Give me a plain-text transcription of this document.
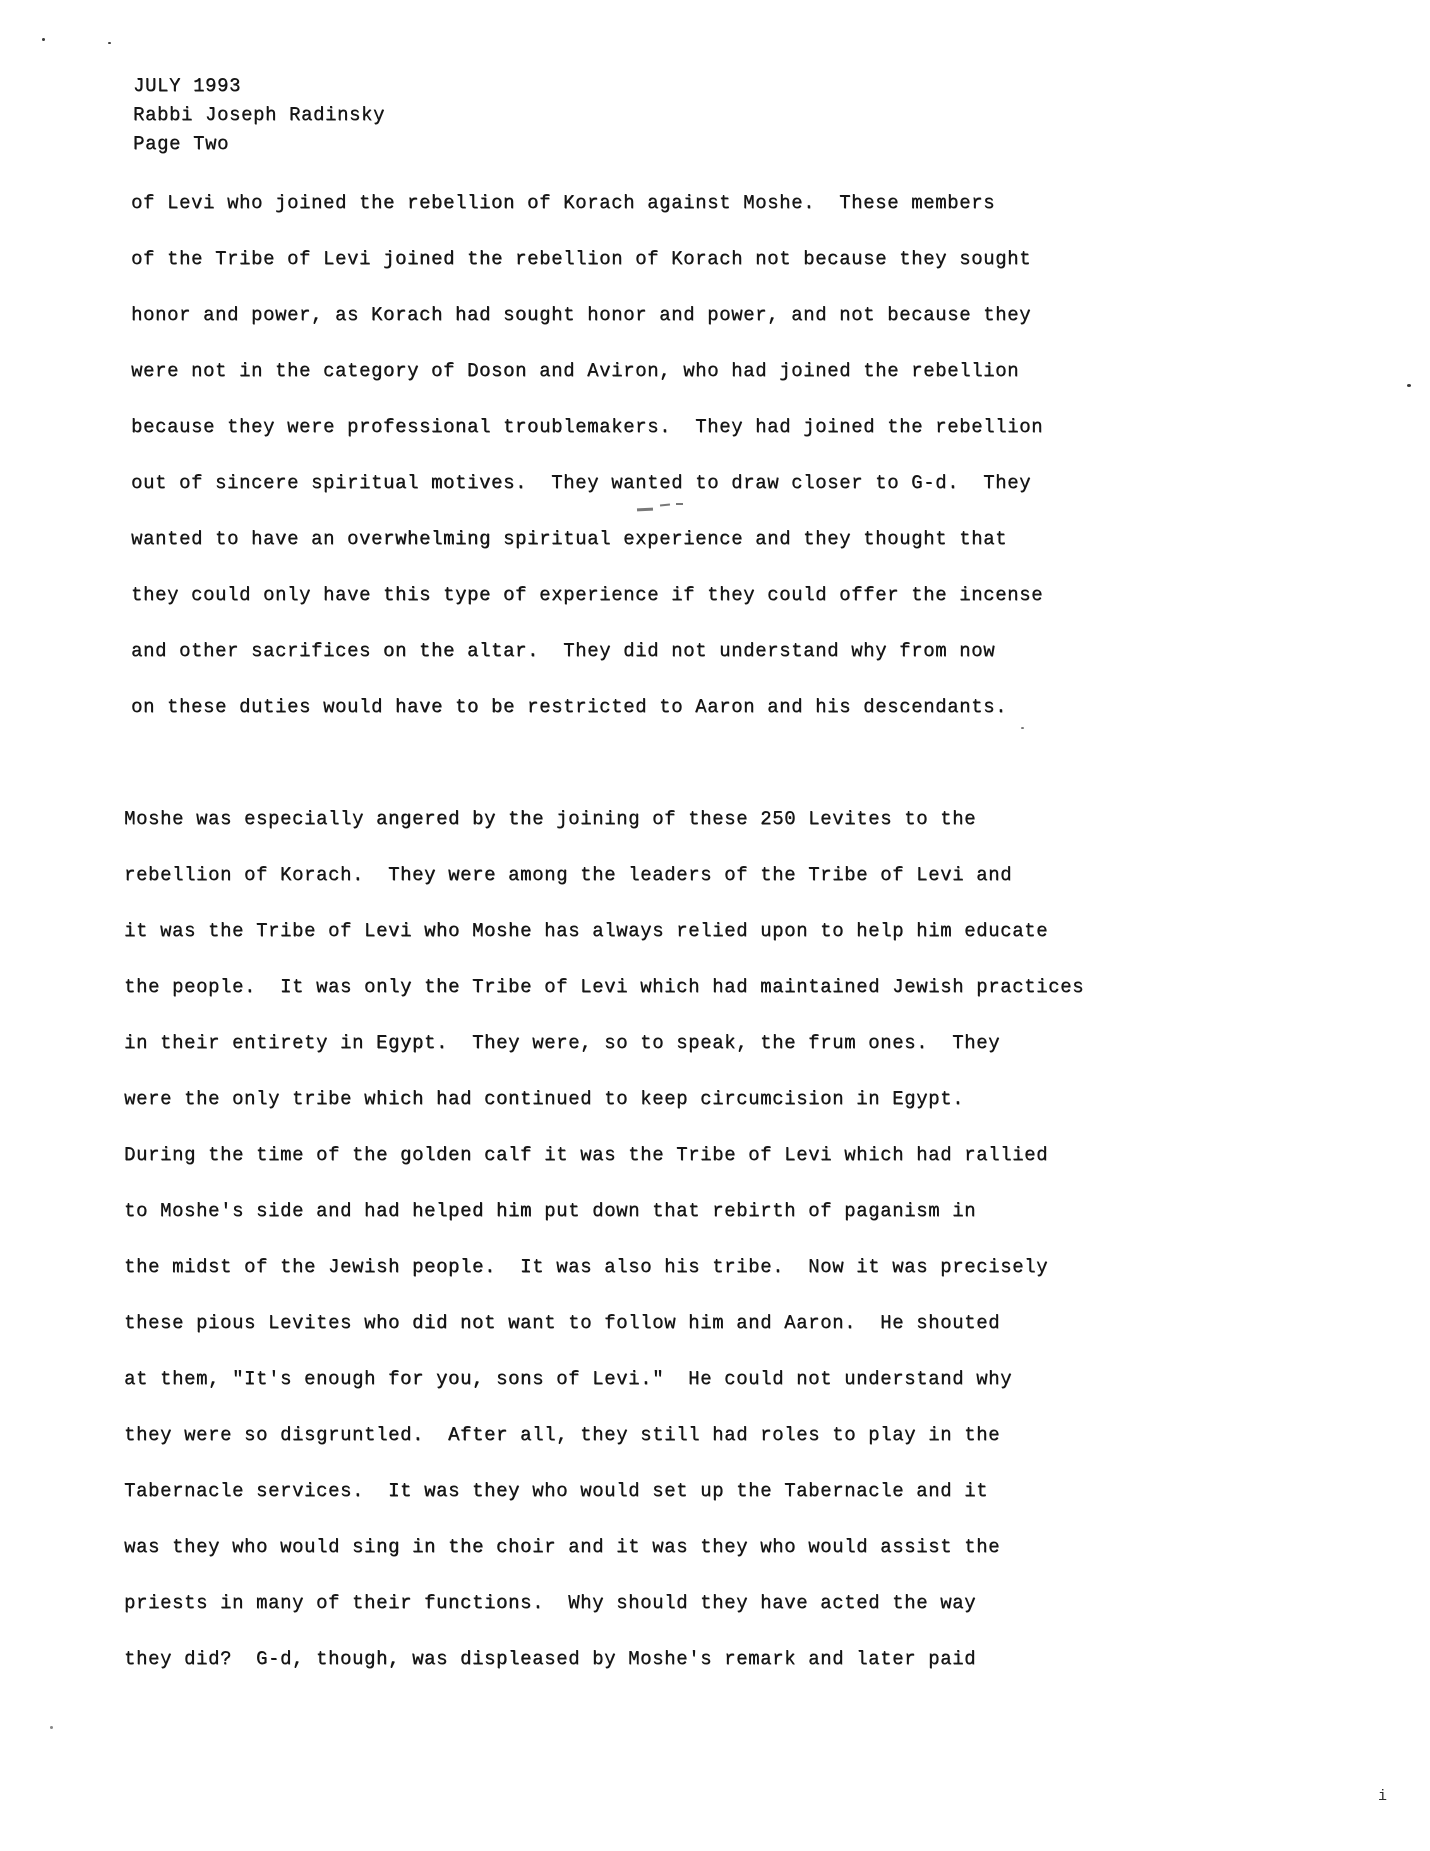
JULY 1993
Rabbi Joseph Radinsky
Page Two
of Levi who joined the rebellion of Korach against Moshe.  These members
of the Tribe of Levi joined the rebellion of Korach not because they sought
honor and power, as Korach had sought honor and power, and not because they
were not in the category of Doson and Aviron, who had joined the rebellion
because they were professional troublemakers.  They had joined the rebellion
out of sincere spiritual motives.  They wanted to draw closer to G-d.  They
wanted to have an overwhelming spiritual experience and they thought that
they could only have this type of experience if they could offer the incense
and other sacrifices on the altar.  They did not understand why from now
on these duties would have to be restricted to Aaron and his descendants.
Moshe was especially angered by the joining of these 250 Levites to the
rebellion of Korach.  They were among the leaders of the Tribe of Levi and
it was the Tribe of Levi who Moshe has always relied upon to help him educate
the people.  It was only the Tribe of Levi which had maintained Jewish practices
in their entirety in Egypt.  They were, so to speak, the frum ones.  They
were the only tribe which had continued to keep circumcision in Egypt.
During the time of the golden calf it was the Tribe of Levi which had rallied
to Moshe's side and had helped him put down that rebirth of paganism in
the midst of the Jewish people.  It was also his tribe.  Now it was precisely
these pious Levites who did not want to follow him and Aaron.  He shouted
at them, "It's enough for you, sons of Levi."  He could not understand why
they were so disgruntled.  After all, they still had roles to play in the
Tabernacle services.  It was they who would set up the Tabernacle and it
was they who would sing in the choir and it was they who would assist the
priests in many of their functions.  Why should they have acted the way
they did?  G-d, though, was displeased by Moshe's remark and later paid
i
